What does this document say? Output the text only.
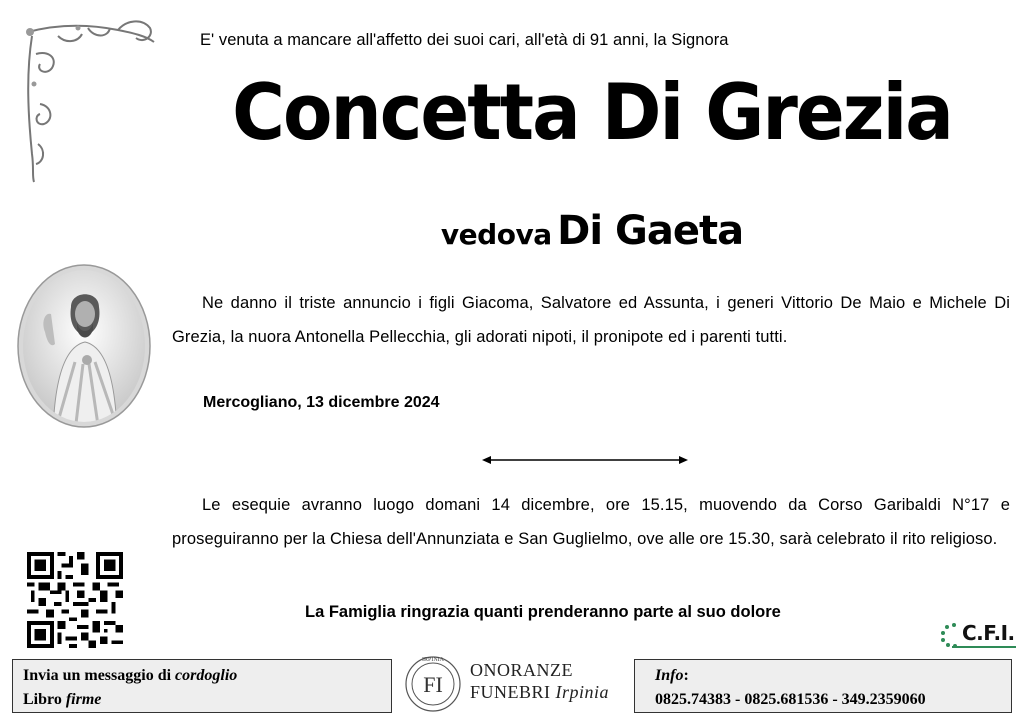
E' venuta a mancare all'affetto dei suoi cari, all'età di 91 anni, la Signora
Concetta Di Grezia
vedova Di Gaeta
Ne danno il triste annuncio i figli Giacoma, Salvatore ed Assunta, i generi Vittorio De Maio e Michele Di Grezia, la nuora Antonella Pellecchia, gli adorati nipoti, il pronipote ed i parenti tutti.
Mercogliano, 13 dicembre 2024
Le esequie avranno luogo domani 14 dicembre, ore 15.15, muovendo da Corso Garibaldi N°17 e proseguiranno per la Chiesa dell'Annunziata e San Guglielmo, ove alle ore 15.30, sarà celebrato il rito religioso.
La Famiglia ringrazia quanti prenderanno parte al suo dolore
C.F.I.
Invia un messaggio di cordoglio
Libro firme
IRPINIA
FI
ONORANZE
FUNEBRI Irpinia
Info:
0825.74383 - 0825.681536 - 349.2359060
